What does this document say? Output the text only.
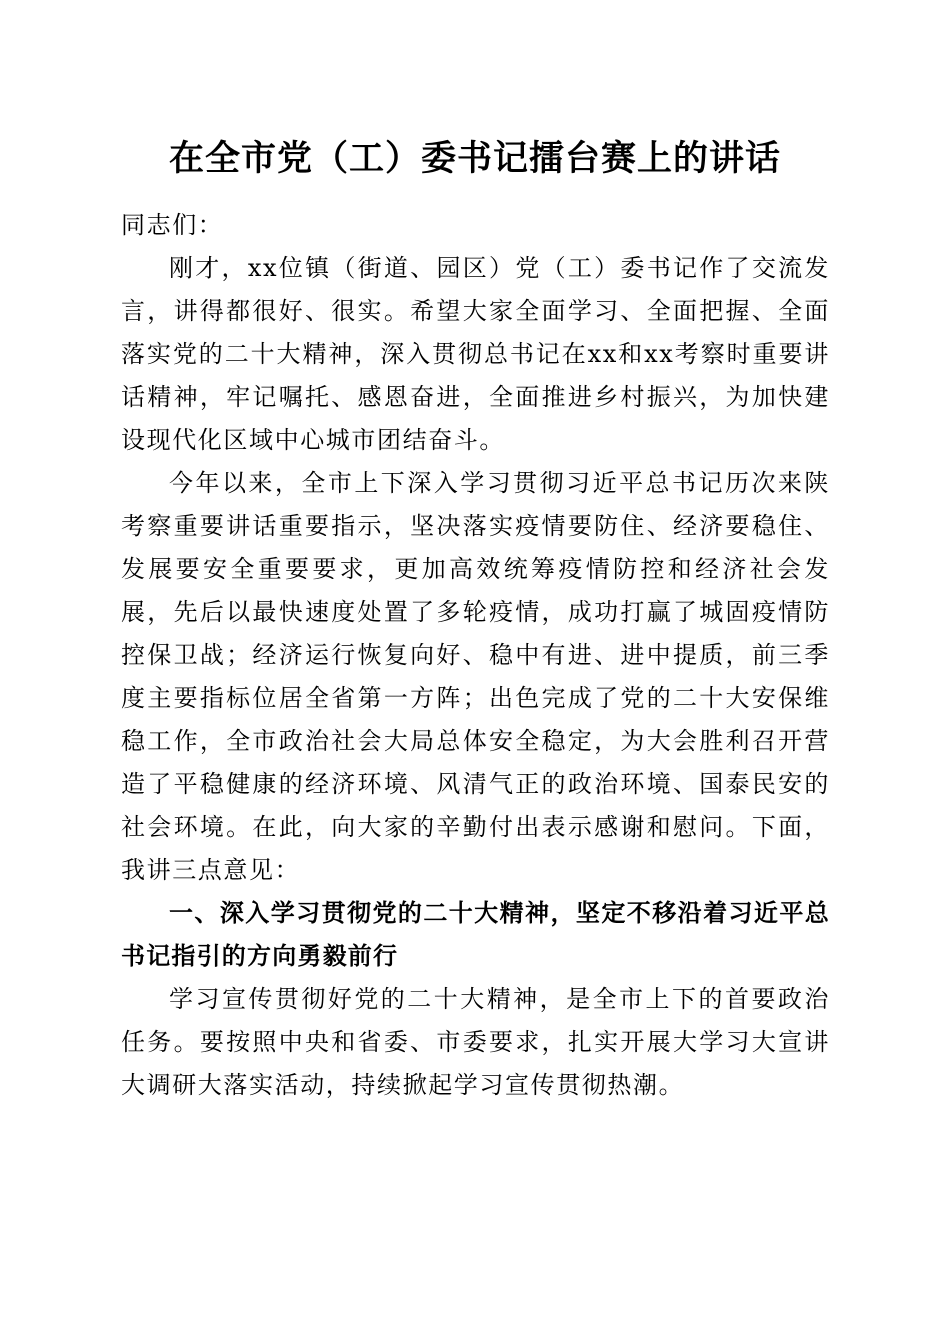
在全市党（工）委书记擂台赛上的讲话

同志们：

刚才，xx位镇（街道、园区）党（工）委书记作了交流发言，讲得都很好、很实。希望大家全面学习、全面把握、全面落实党的二十大精神，深入贯彻总书记在xx和xx考察时重要讲话精神，牢记嘱托、感恩奋进，全面推进乡村振兴，为加快建设现代化区域中心城市团结奋斗。

今年以来，全市上下深入学习贯彻习近平总书记历次来陕考察重要讲话重要指示，坚决落实疫情要防住、经济要稳住、发展要安全重要要求，更加高效统筹疫情防控和经济社会发展，先后以最快速度处置了多轮疫情，成功打赢了城固疫情防控保卫战；经济运行恢复向好、稳中有进、进中提质，前三季度主要指标位居全省第一方阵；出色完成了党的二十大安保维稳工作，全市政治社会大局总体安全稳定，为大会胜利召开营造了平稳健康的经济环境、风清气正的政治环境、国泰民安的社会环境。在此，向大家的辛勤付出表示感谢和慰问。下面，我讲三点意见：

一、深入学习贯彻党的二十大精神，坚定不移沿着习近平总书记指引的方向勇毅前行

学习宣传贯彻好党的二十大精神，是全市上下的首要政治任务。要按照中央和省委、市委要求，扎实开展大学习大宣讲大调研大落实活动，持续掀起学习宣传贯彻热潮。
